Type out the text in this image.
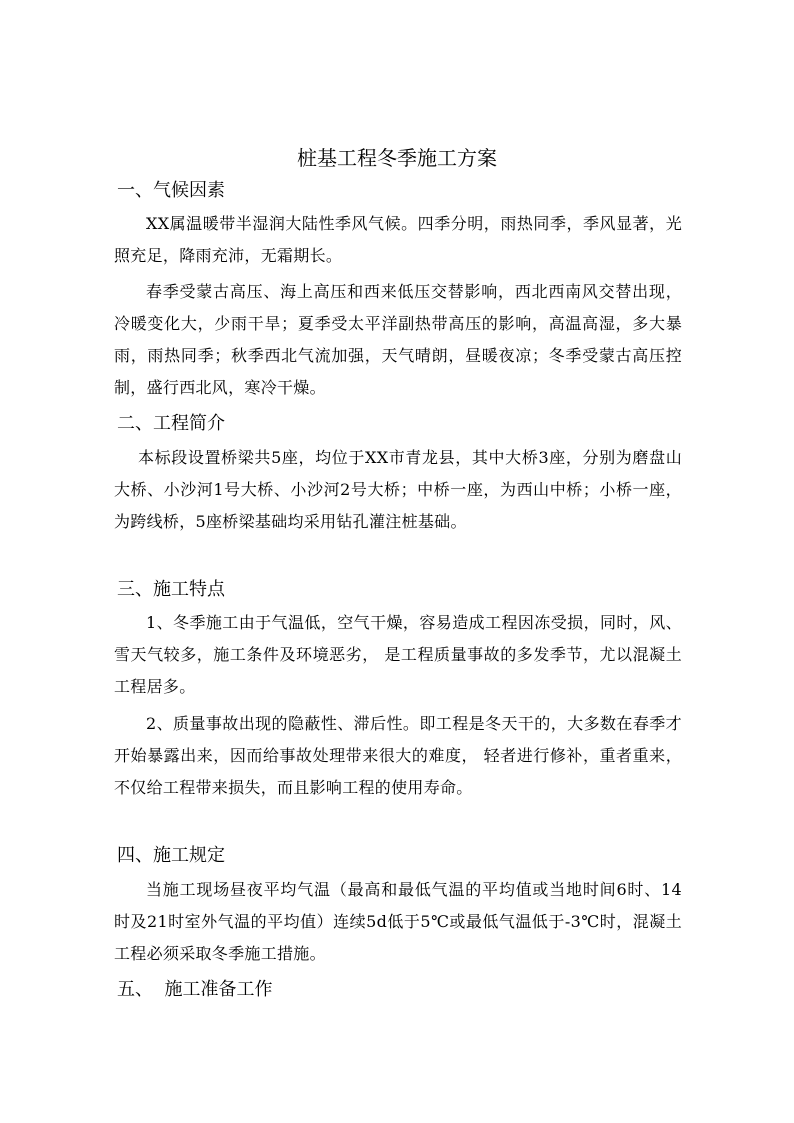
桩基工程冬季施工方案
一、气候因素
XX属温暖带半湿润大陆性季风气候。四季分明，雨热同季，季风显著，光照充足，降雨充沛，无霜期长。
春季受蒙古高压、海上高压和西来低压交替影响，西北西南风交替出现，冷暖变化大，少雨干旱；夏季受太平洋副热带高压的影响，高温高湿，多大暴雨，雨热同季；秋季西北气流加强，天气晴朗，昼暖夜凉；冬季受蒙古高压控制，盛行西北风，寒冷干燥。
二、工程简介
本标段设置桥梁共5座，均位于XX市青龙县，其中大桥3座，分别为磨盘山大桥、小沙河1号大桥、小沙河2号大桥；中桥一座，为西山中桥；小桥一座，为跨线桥，5座桥梁基础均采用钻孔灌注桩基础。
三、施工特点
1、冬季施工由于气温低，空气干燥，容易造成工程因冻受损，同时，风、雪天气较多，施工条件及环境恶劣， 是工程质量事故的多发季节，尤以混凝土工程居多。
2、质量事故出现的隐蔽性、滞后性。即工程是冬天干的，大多数在春季才开始暴露出来，因而给事故处理带来很大的难度， 轻者进行修补，重者重来，不仅给工程带来损失，而且影响工程的使用寿命。
四、施工规定
当施工现场昼夜平均气温（最高和最低气温的平均值或当地时间6时、14时及21时室外气温的平均值）连续5d低于5℃或最低气温低于-3℃时，混凝土工程必须采取冬季施工措施。
五、  施工准备工作
